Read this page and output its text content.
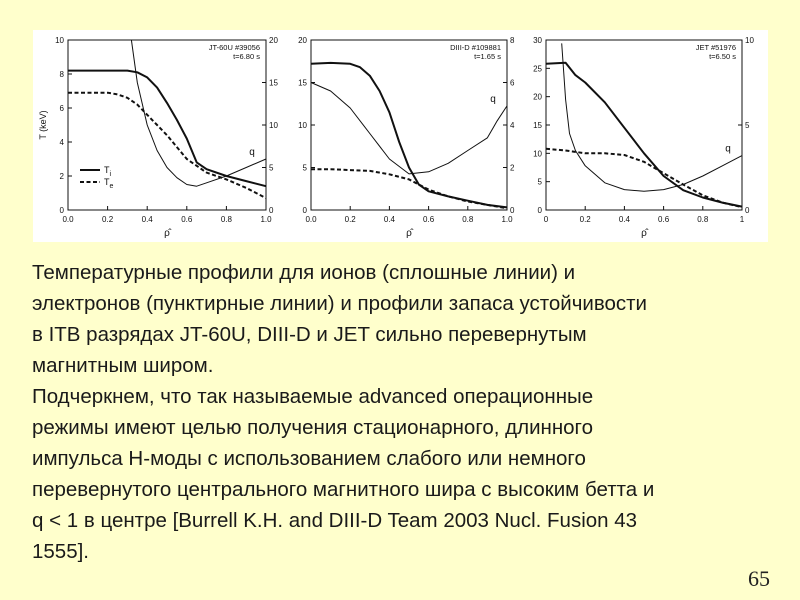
0.0	0.2	0.4	0.6	0.8	1.0
0
2
4
6
8
10
0
5
10
15
20
ρ̂
T (keV)
JT-60U #39056
t=6.80 s
q
$T_i$
$T_e$
0.0	0.2	0.4	0.6	0.8	1.0
0
5
10
15
20
0
2
4
6
8
ρ̂
DIII-D #109881
t=1.65 s
q
0	0.2	0.4	0.6	0.8	1
0
5
10
15
20
25
30
0
5
10
ρ̂
JET #51976
t=6.50 s
q
Температурные профили для ионов (сплошные линии) и
электронов (пунктирные линии) и профили запаса устойчивости
в ITB разрядах JT-60U, DIII-D и JET сильно перевернутым
магнитным широм.
Подчеркнем, что так называемые advanced операционные
режимы имеют целью получения стационарного, длинного
импульса H-моды с использованием слабого или немного
перевернутого центрального магнитного шира с высоким бетта и
q < 1 в центре [Burrell K.H. and DIII-D Team 2003 Nucl. Fusion 43
1555].
65
